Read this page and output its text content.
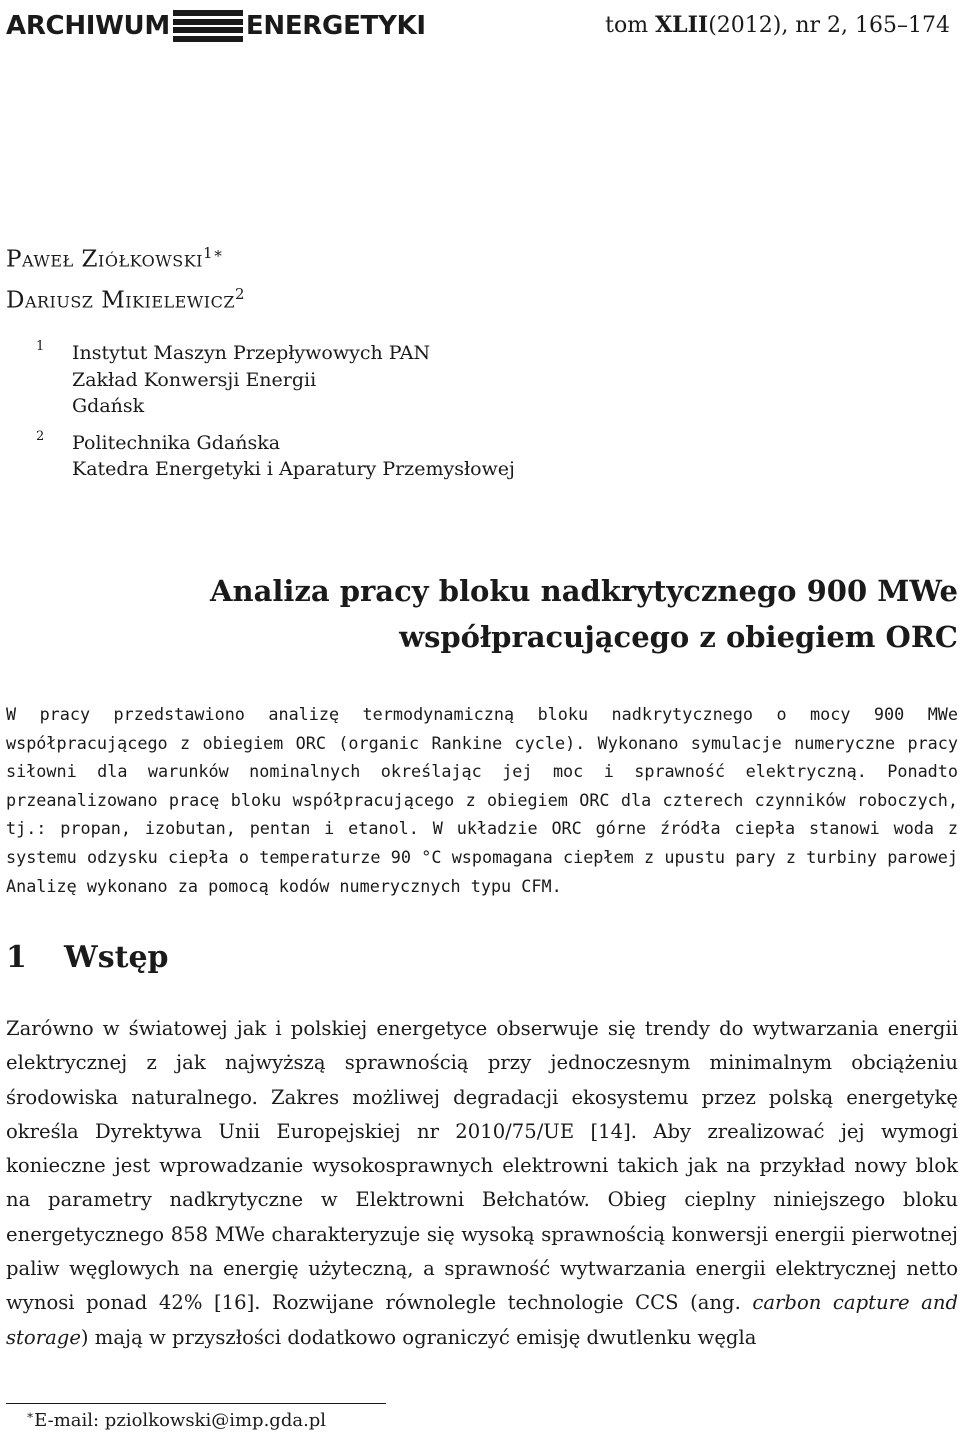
ARCHIWUM	ENERGETYKI	tom XLII(2012), nr 2, 165–174
Paweł Ziółkowski$^{1∗}$
Dariusz Mikielewicz$^2$
1 Instytut Maszyn Przepływowych PAN
Zakład Konwersji Energii
Gdańsk
2 Politechnika Gdańska
Katedra Energetyki i Aparatury Przemysłowej
Analiza pracy bloku nadkrytycznego 900 MWe
współpracującego z obiegiem ORC

W pracy przedstawiono analizę termodynamiczną bloku nadkrytycznego o mocy 900 MWe współpracującego z obiegiem ORC (organic Rankine cycle). Wykonano symulacje numeryczne pracy siłowni dla warunków nominalnych określając jej moc i sprawność elektryczną. Ponadto przeanalizowano pracę bloku współpracującego z obiegiem ORC dla czterech czynników roboczych, tj.: propan, izobutan, pentan i etanol. W układzie ORC górne źródła ciepła stanowi woda z systemu odzysku ciepła o temperaturze 90 °C wspomagana ciepłem z upustu pary z turbiny parowej Analizę wykonano za pomocą kodów numerycznych typu CFM.

1 Wstęp

Zarówno w światowej jak i polskiej energetyce obserwuje się trendy do wytwarzania energii elektrycznej z jak najwyższą sprawnością przy jednoczesnym minimalnym obciążeniu środowiska naturalnego. Zakres możliwej degradacji ekosystemu przez polską energetykę określa Dyrektywa Unii Europejskiej nr 2010/75/UE [14]. Aby zrealizować jej wymogi konieczne jest wprowadzanie wysokosprawnych elektrowni takich jak na przykład nowy blok na parametry nadkrytyczne w Elektrowni Bełchatów. Obieg cieplny niniejszego bloku energetycznego 858 MWe charakteryzuje się wysoką sprawnością konwersji energii pierwotnej paliw węglowych na energię użyteczną, a sprawność wytwarzania energii elektrycznej netto wynosi ponad 42% [16]. Rozwijane równolegle technologie CCS (ang. carbon capture and storage) mają w przyszłości dodatkowo ograniczyć emisję dwutlenku węgla

∗E-mail: pziolkowski@imp.gda.pl
